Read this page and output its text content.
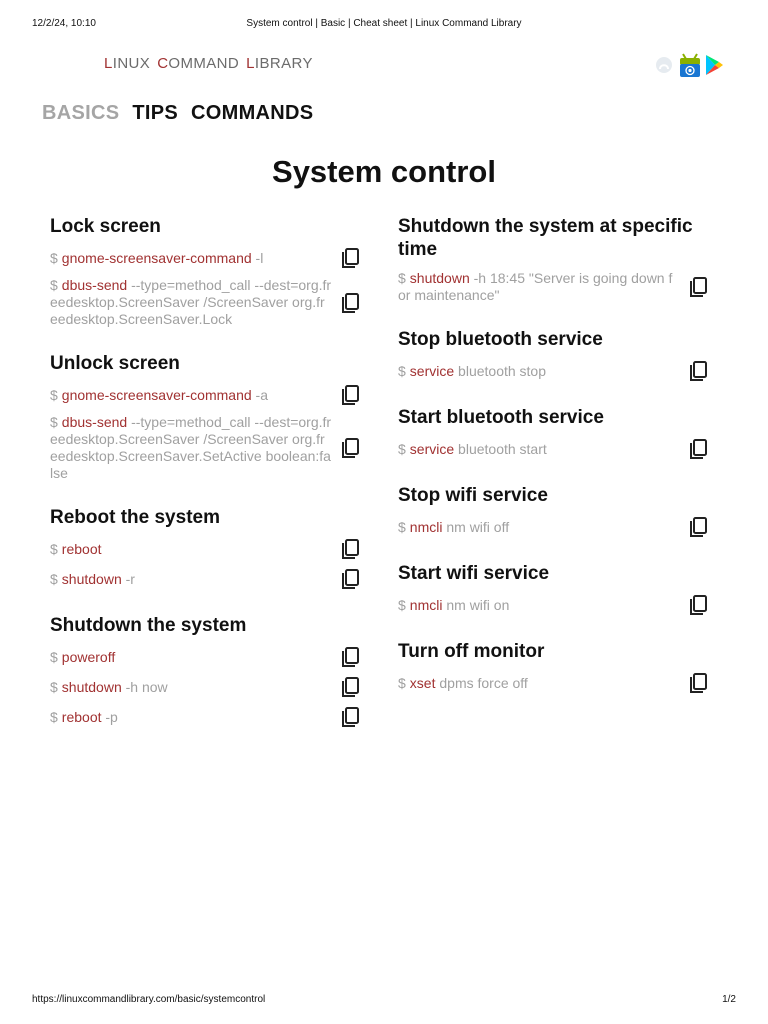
12/2/24, 10:10	System control | Basic | Cheat sheet | Linux Command Library
LINUX COMMAND LIBRARY
BASICS TIPS COMMANDS
System control
Lock screen
$ gnome-screensaver-command -l
$ dbus-send --type=method_call --dest=org.freedesktop.ScreenSaver /ScreenSaver org.freedesktop.ScreenSaver.Lock
Unlock screen
$ gnome-screensaver-command -a
$ dbus-send --type=method_call --dest=org.freedesktop.ScreenSaver /ScreenSaver org.freedesktop.ScreenSaver.SetActive boolean:false
Reboot the system
$ reboot
$ shutdown -r
Shutdown the system
$ poweroff
$ shutdown -h now
$ reboot -p
Shutdown the system at specific time
$ shutdown -h 18:45 "Server is going down for maintenance"
Stop bluetooth service
$ service bluetooth stop
Start bluetooth service
$ service bluetooth start
Stop wifi service
$ nmcli nm wifi off
Start wifi service
$ nmcli nm wifi on
Turn off monitor
$ xset dpms force off
https://linuxcommandlibrary.com/basic/systemcontrol	1/2
